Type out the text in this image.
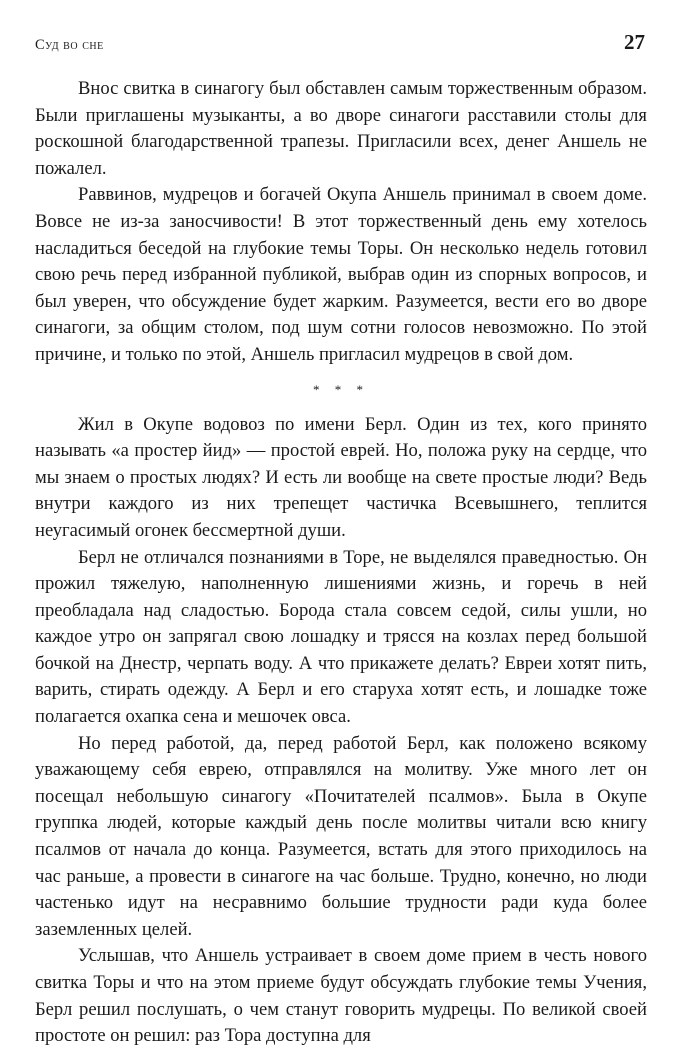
Суд во сне	27

Внос свитка в синагогу был обставлен самым торжественным образом. Были приглашены музыканты, а во дворе синагоги расставили столы для роскошной благодарственной трапезы. Пригласили всех, денег Аншель не пожалел.

Раввинов, мудрецов и богачей Окупа Аншель принимал в своем доме. Вовсе не из-за заносчивости! В этот торжественный день ему хотелось насладиться беседой на глубокие темы Торы. Он несколько недель готовил свою речь перед избранной публикой, выбрав один из спорных вопросов, и был уверен, что обсуждение будет жарким. Разумеется, вести его во дворе синагоги, за общим столом, под шум сотни голосов невозможно. По этой причине, и только по этой, Аншель пригласил мудрецов в свой дом.

* * *

Жил в Окупе водовоз по имени Берл. Один из тех, кого принято называть «а простер йид» — простой еврей. Но, положа руку на сердце, что мы знаем о простых людях? И есть ли вообще на свете простые люди? Ведь внутри каждого из них трепещет частичка Всевышнего, теплится неугасимый огонек бессмертной души.

Берл не отличался познаниями в Торе, не выделялся праведностью. Он прожил тяжелую, наполненную лишениями жизнь, и горечь в ней преобладала над сладостью. Борода стала совсем седой, силы ушли, но каждое утро он запрягал свою лошадку и трясся на козлах перед большой бочкой на Днестр, черпать воду. А что прикажете делать? Евреи хотят пить, варить, стирать одежду. А Берл и его старуха хотят есть, и лошадке тоже полагается охапка сена и мешочек овса.

Но перед работой, да, перед работой Берл, как положено всякому уважающему себя еврею, отправлялся на молитву. Уже много лет он посещал небольшую синагогу «Почитателей псалмов». Была в Окупе группка людей, которые каждый день после молитвы читали всю книгу псалмов от начала до конца. Разумеется, встать для этого приходилось на час раньше, а провести в синагоге на час больше. Трудно, конечно, но люди частенько идут на несравнимо большие трудности ради куда более заземленных целей.

Услышав, что Аншель устраивает в своем доме прием в честь нового свитка Торы и что на этом приеме будут обсуждать глубокие темы Учения, Берл решил послушать, о чем станут говорить мудрецы. По великой своей простоте он решил: раз Тора доступна для
